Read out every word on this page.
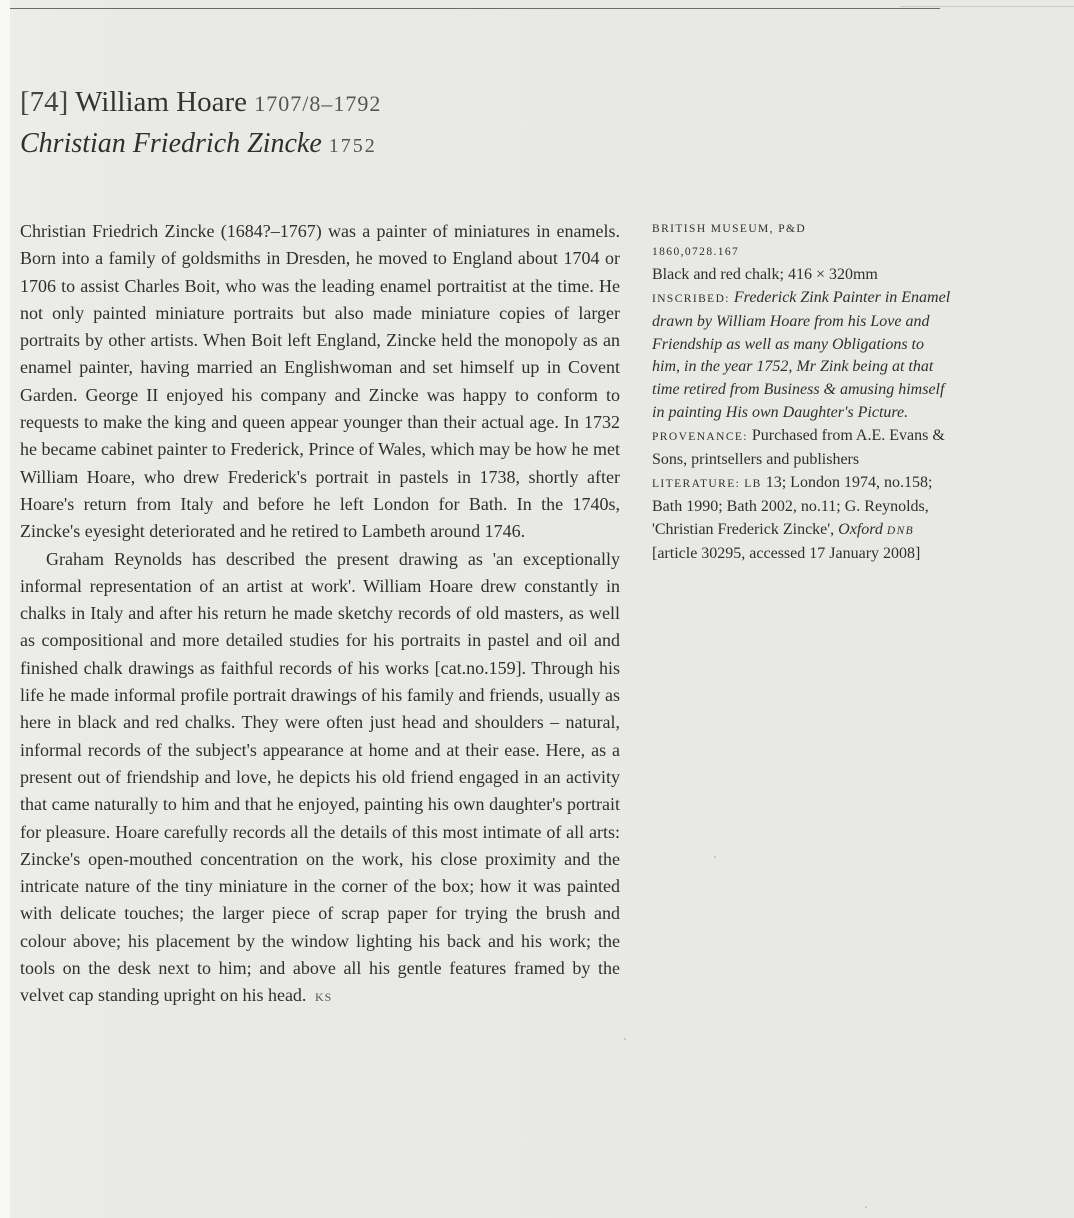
[74] William Hoare 1707/8–1792
Christian Friedrich Zincke 1752

Christian Friedrich Zincke (1684?–1767) was a painter of miniatures in enamels. Born into a family of goldsmiths in Dresden, he moved to England about 1704 or 1706 to assist Charles Boit, who was the leading enamel portraitist at the time. He not only painted miniature portraits but also made miniature copies of larger portraits by other artists. When Boit left England, Zincke held the monopoly as an enamel painter, having married an Englishwoman and set himself up in Covent Garden. George II enjoyed his company and Zincke was happy to conform to requests to make the king and queen appear younger than their actual age. In 1732 he became cabinet painter to Frederick, Prince of Wales, which may be how he met William Hoare, who drew Frederick's portrait in pastels in 1738, shortly after Hoare's return from Italy and before he left London for Bath. In the 1740s, Zincke's eyesight deteriorated and he retired to Lambeth around 1746.

Graham Reynolds has described the present drawing as 'an exceptionally informal representation of an artist at work'. William Hoare drew constantly in chalks in Italy and after his return he made sketchy records of old masters, as well as compositional and more detailed studies for his portraits in pastel and oil and finished chalk drawings as faithful records of his works [cat.no.159]. Through his life he made informal profile portrait drawings of his family and friends, usually as here in black and red chalks. They were often just head and shoulders – natural, informal records of the subject's appearance at home and at their ease. Here, as a present out of friendship and love, he depicts his old friend engaged in an activity that came naturally to him and that he enjoyed, painting his own daughter's portrait for pleasure. Hoare carefully records all the details of this most intimate of all arts: Zincke's open-mouthed concentration on the work, his close proximity and the intricate nature of the tiny miniature in the corner of the box; how it was painted with delicate touches; the larger piece of scrap paper for trying the brush and colour above; his placement by the window lighting his back and his work; the tools on the desk next to him; and above all his gentle features framed by the velvet cap standing upright on his head. KS

BRITISH MUSEUM, P&D
1860,0728.167
Black and red chalk; 416 × 320mm
INSCRIBED: Frederick Zink Painter in Enamel drawn by William Hoare from his Love and Friendship as well as many Obligations to him, in the year 1752, Mr Zink being at that time retired from Business & amusing himself in painting His own Daughter's Picture.
PROVENANCE: Purchased from A.E. Evans & Sons, printsellers and publishers
LITERATURE: LB 13; London 1974, no.158; Bath 1990; Bath 2002, no.11; G. Reynolds, 'Christian Frederick Zincke', Oxford DNB [article 30295, accessed 17 January 2008]
